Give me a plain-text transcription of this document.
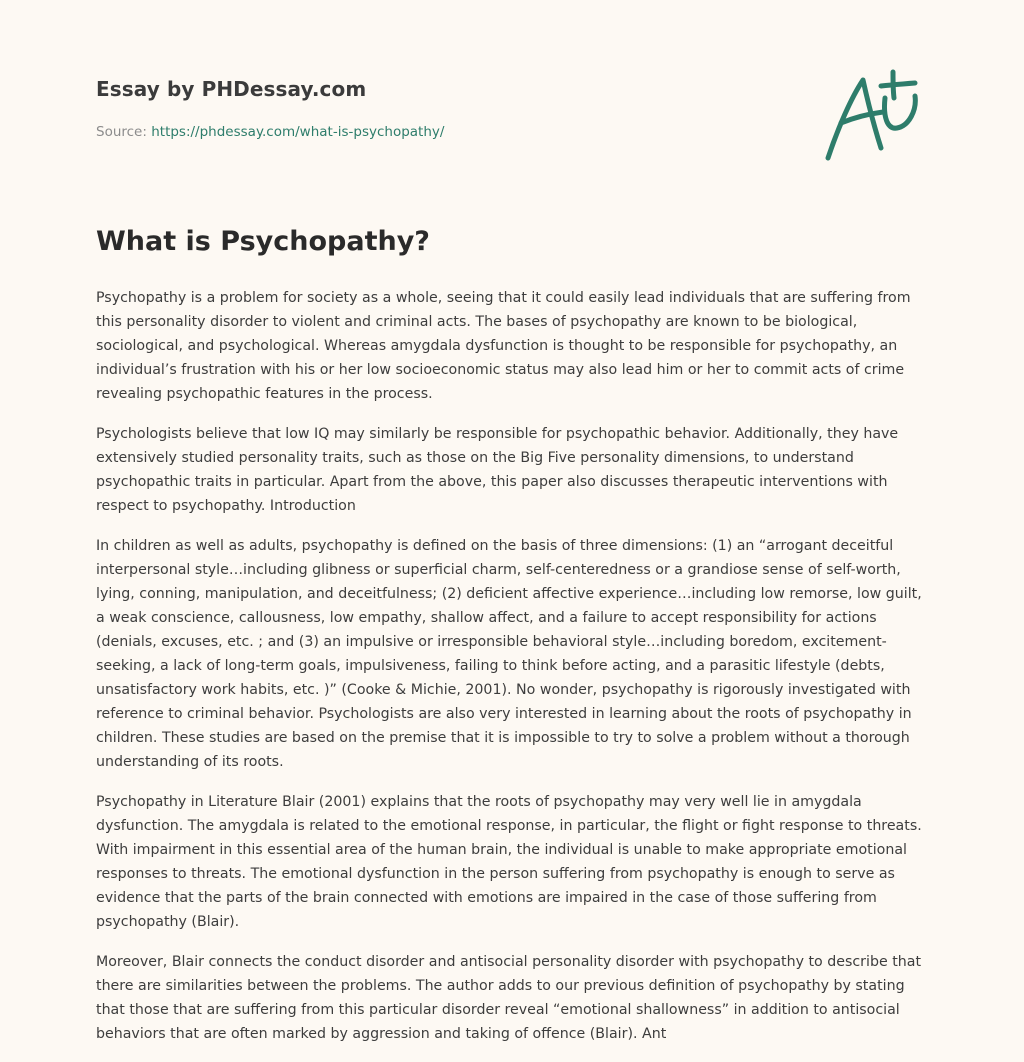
Essay by PHDessay.com
Source: https://phdessay.com/what-is-psychopathy/
What is Psychopathy?

Psychopathy is a problem for society as a whole, seeing that it could easily lead individuals that are suffering from this personality disorder to violent and criminal acts. The bases of psychopathy are known to be biological, sociological, and psychological. Whereas amygdala dysfunction is thought to be responsible for psychopathy, an individual’s frustration with his or her low socioeconomic status may also lead him or her to commit acts of crime revealing psychopathic features in the process.

Psychologists believe that low IQ may similarly be responsible for psychopathic behavior. Additionally, they have extensively studied personality traits, such as those on the Big Five personality dimensions, to understand psychopathic traits in particular. Apart from the above, this paper also discusses therapeutic interventions with respect to psychopathy. Introduction

In children as well as adults, psychopathy is defined on the basis of three dimensions: (1) an “arrogant deceitful interpersonal style…including glibness or superficial charm, self-centeredness or a grandiose sense of self-worth, lying, conning, manipulation, and deceitfulness; (2) deficient affective experience…including low remorse, low guilt, a weak conscience, callousness, low empathy, shallow affect, and a failure to accept responsibility for actions (denials, excuses, etc. ; and (3) an impulsive or irresponsible behavioral style…including boredom, excitement-seeking, a lack of long-term goals, impulsiveness, failing to think before acting, and a parasitic lifestyle (debts, unsatisfactory work habits, etc. )” (Cooke & Michie, 2001). No wonder, psychopathy is rigorously investigated with reference to criminal behavior. Psychologists are also very interested in learning about the roots of psychopathy in children. These studies are based on the premise that it is impossible to try to solve a problem without a thorough understanding of its roots.

Psychopathy in Literature Blair (2001) explains that the roots of psychopathy may very well lie in amygdala dysfunction. The amygdala is related to the emotional response, in particular, the flight or fight response to threats. With impairment in this essential area of the human brain, the individual is unable to make appropriate emotional responses to threats. The emotional dysfunction in the person suffering from psychopathy is enough to serve as evidence that the parts of the brain connected with emotions are impaired in the case of those suffering from psychopathy (Blair).

Moreover, Blair connects the conduct disorder and antisocial personality disorder with psychopathy to describe that there are similarities between the problems. The author adds to our previous definition of psychopathy by stating that those that are suffering from this particular disorder reveal “emotional shallowness” in addition to antisocial behaviors that are often marked by aggression and taking of offence (Blair). Ant
